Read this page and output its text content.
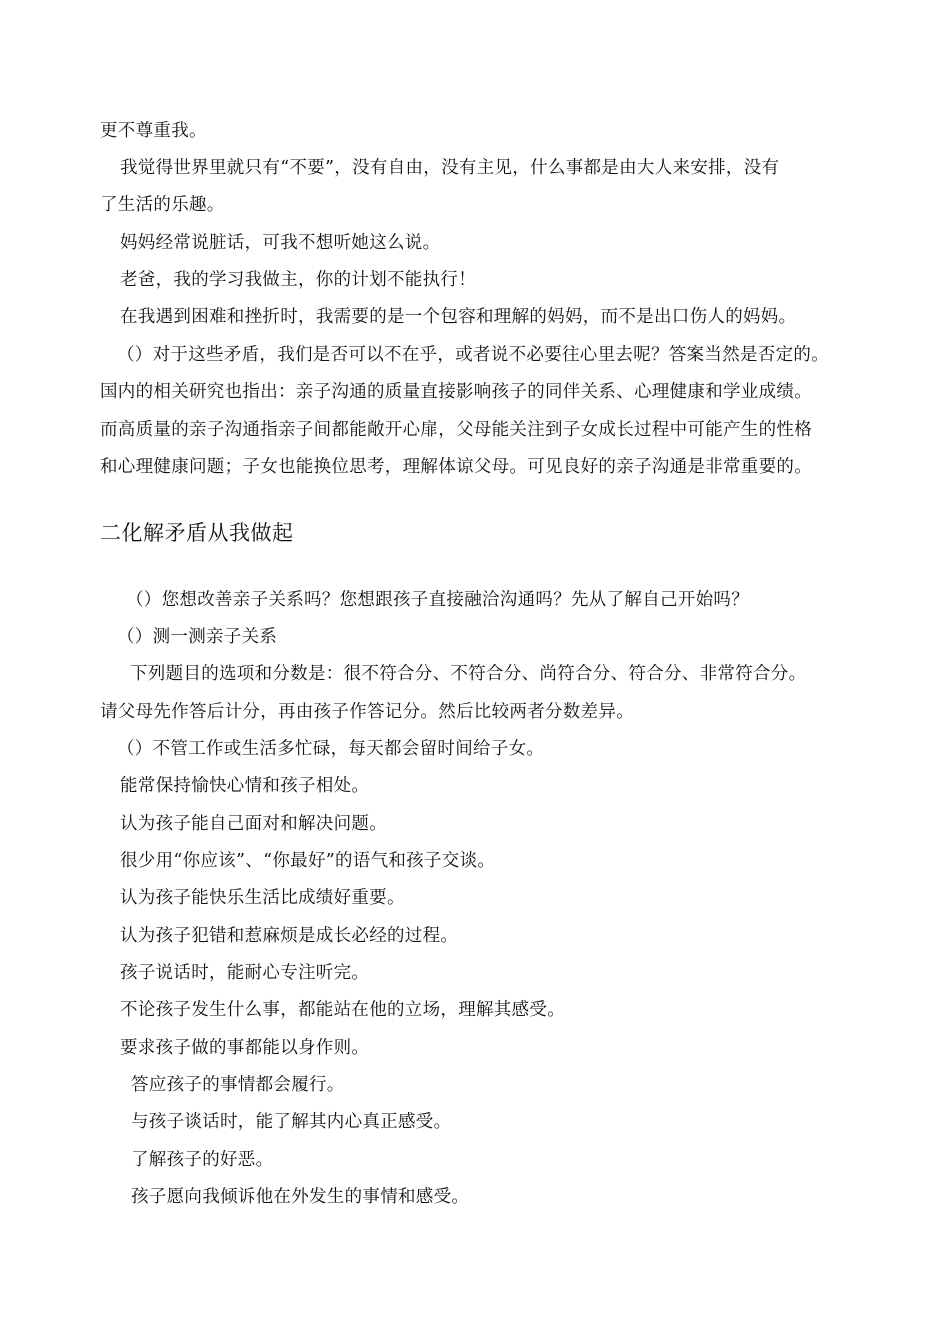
更不尊重我。
我觉得世界里就只有“不要”，没有自由，没有主见，什么事都是由大人来安排，没有
了生活的乐趣。
妈妈经常说脏话，可我不想听她这么说。
老爸，我的学习我做主，你的计划不能执行！
在我遇到困难和挫折时，我需要的是一个包容和理解的妈妈，而不是出口伤人的妈妈。
（）对于这些矛盾，我们是否可以不在乎，或者说不必要往心里去呢？答案当然是否定的。
国内的相关研究也指出：亲子沟通的质量直接影响孩子的同伴关系、心理健康和学业成绩。
而高质量的亲子沟通指亲子间都能敞开心扉，父母能关注到子女成长过程中可能产生的性格
和心理健康问题；子女也能换位思考，理解体谅父母。可见良好的亲子沟通是非常重要的。
二化解矛盾从我做起
（）您想改善亲子关系吗？您想跟孩子直接融洽沟通吗？先从了解自己开始吗？
（）测一测亲子关系
下列题目的选项和分数是：很不符合分、不符合分、尚符合分、符合分、非常符合分。
请父母先作答后计分，再由孩子作答记分。然后比较两者分数差异。
（）不管工作或生活多忙碌，每天都会留时间给子女。
能常保持愉快心情和孩子相处。
认为孩子能自己面对和解决问题。
很少用“你应该”、“你最好”的语气和孩子交谈。
认为孩子能快乐生活比成绩好重要。
认为孩子犯错和惹麻烦是成长必经的过程。
孩子说话时，能耐心专注听完。
不论孩子发生什么事，都能站在他的立场，理解其感受。
要求孩子做的事都能以身作则。
答应孩子的事情都会履行。
与孩子谈话时，能了解其内心真正感受。
了解孩子的好恶。
孩子愿向我倾诉他在外发生的事情和感受。
